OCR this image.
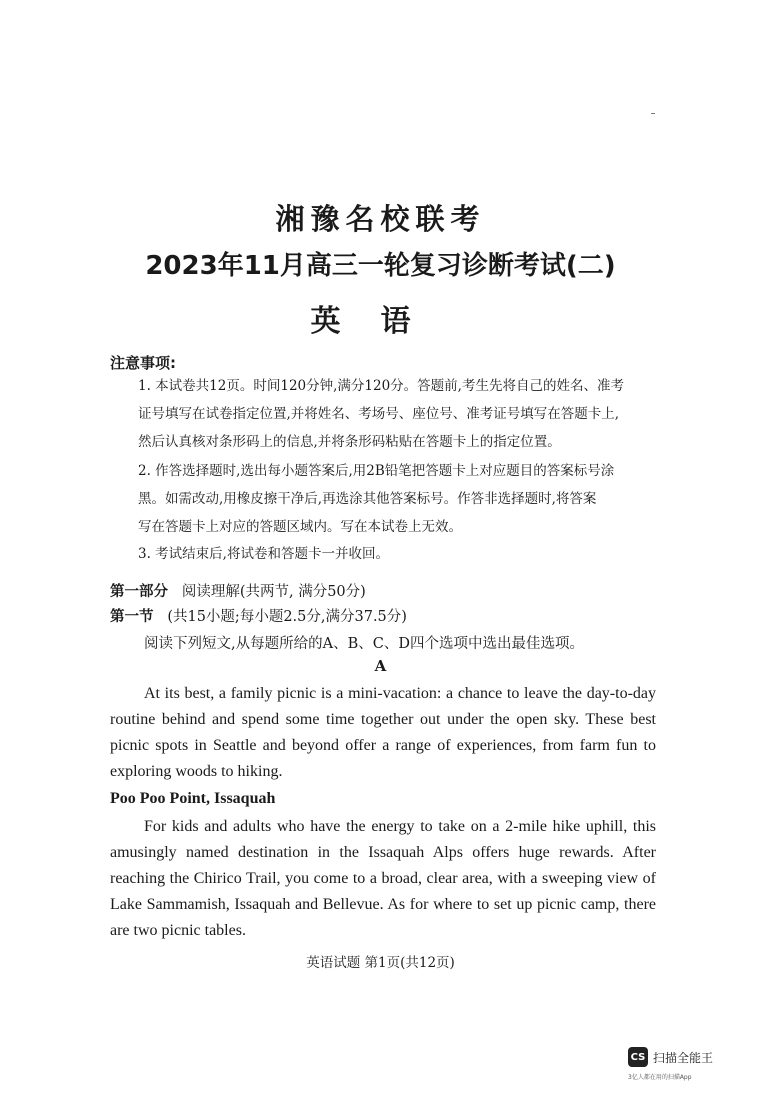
湘豫名校联考
2023年11月高三一轮复习诊断考试(二)
英语
注意事项:
1. 本试卷共12页。时间120分钟,满分120分。答题前,考生先将自己的姓名、准考
证号填写在试卷指定位置,并将姓名、考场号、座位号、准考证号填写在答题卡上,
然后认真核对条形码上的信息,并将条形码粘贴在答题卡上的指定位置。
2. 作答选择题时,选出每小题答案后,用2B铅笔把答题卡上对应题目的答案标号涂
黑。如需改动,用橡皮擦干净后,再选涂其他答案标号。作答非选择题时,将答案
写在答题卡上对应的答题区域内。写在本试卷上无效。
3. 考试结束后,将试卷和答题卡一并收回。
第一部分 阅读理解(共两节, 满分50分)
第一节 (共15小题;每小题2.5分,满分37.5分)
阅读下列短文,从每题所给的A、B、C、D四个选项中选出最佳选项。
A
At its best, a family picnic is a mini-vacation: a chance to leave the day-to-day routine behind and spend some time together out under the open sky. These best picnic spots in Seattle and beyond offer a range of experiences, from farm fun to exploring woods to hiking.
Poo Poo Point, Issaquah
For kids and adults who have the energy to take on a 2-mile hike uphill, this amusingly named destination in the Issaquah Alps offers huge rewards. After reaching the Chirico Trail, you come to a broad, clear area, with a sweeping view of Lake Sammamish, Issaquah and Bellevue. As for where to set up picnic camp, there are two picnic tables.
英语试题 第1页(共12页)
CS 扫描全能王
3亿人都在用的扫描App
